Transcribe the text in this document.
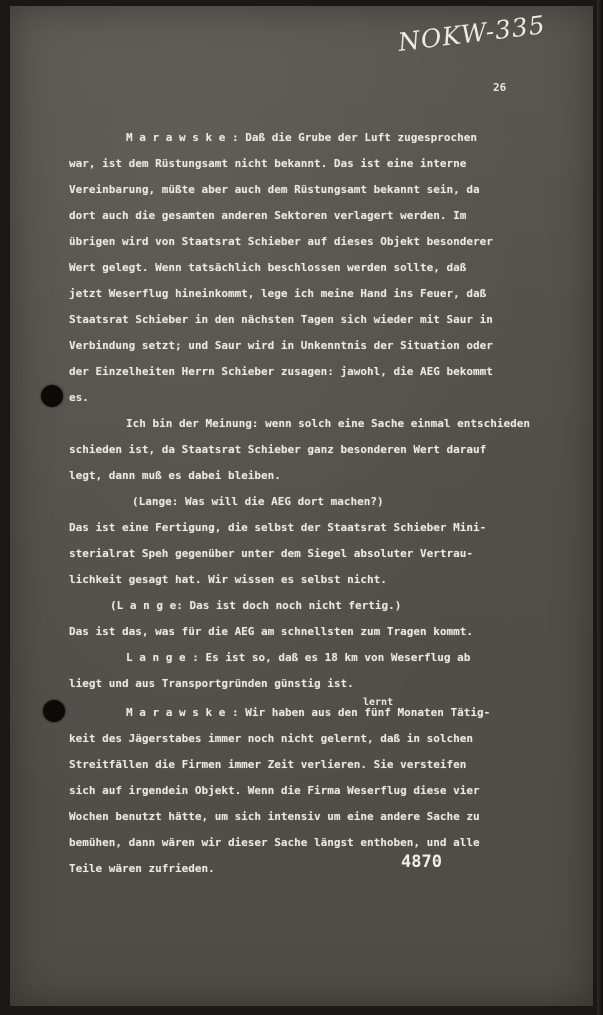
NOKW-335
26
M a r a w s k e : Daß die Grube der Luft zugesprochen
war, ist dem Rüstungsamt nicht bekannt. Das ist eine interne
Vereinbarung, müßte aber auch dem Rüstungsamt bekannt sein, da
dort auch die gesamten anderen Sektoren verlagert werden. Im
übrigen wird von Staatsrat Schieber auf dieses Objekt besonderer
Wert gelegt. Wenn tatsächlich beschlossen werden sollte, daß
jetzt Weserflug hineinkommt, lege ich meine Hand ins Feuer, daß
Staatsrat Schieber in den nächsten Tagen sich wieder mit Saur in
Verbindung setzt; und Saur wird in Unkenntnis der Situation oder
der Einzelheiten Herrn Schieber zusagen: jawohl, die AEG bekommt
es.
Ich bin der Meinung: wenn solch eine Sache einmal entschieden
schieden ist, da Staatsrat Schieber ganz besonderen Wert darauf
legt, dann muß es dabei bleiben.
(Lange: Was will die AEG dort machen?)
Das ist eine Fertigung, die selbst der Staatsrat Schieber Mini-
sterialrat Speh gegenüber unter dem Siegel absoluter Vertrau-
lichkeit gesagt hat. Wir wissen es selbst nicht.
(L a n g e: Das ist doch noch nicht fertig.)
Das ist das, was für die AEG am schnellsten zum Tragen kommt.
L a n g e : Es ist so, daß es 18 km von Weserflug ab
liegt und aus Transportgründen günstig ist.
M a r a w s k e : Wir haben aus den fünf Monaten Tätig-
keit des Jägerstabes immer noch nicht gelernt, daß in solchen
Streitfällen die Firmen immer Zeit verlieren. Sie versteifen
sich auf irgendein Objekt. Wenn die Firma Weserflug diese vier
Wochen benutzt hätte, um sich intensiv um eine andere Sache zu
bemühen, dann wären wir dieser Sache längst enthoben, und alle
Teile wären zufrieden.
lernt
4870
